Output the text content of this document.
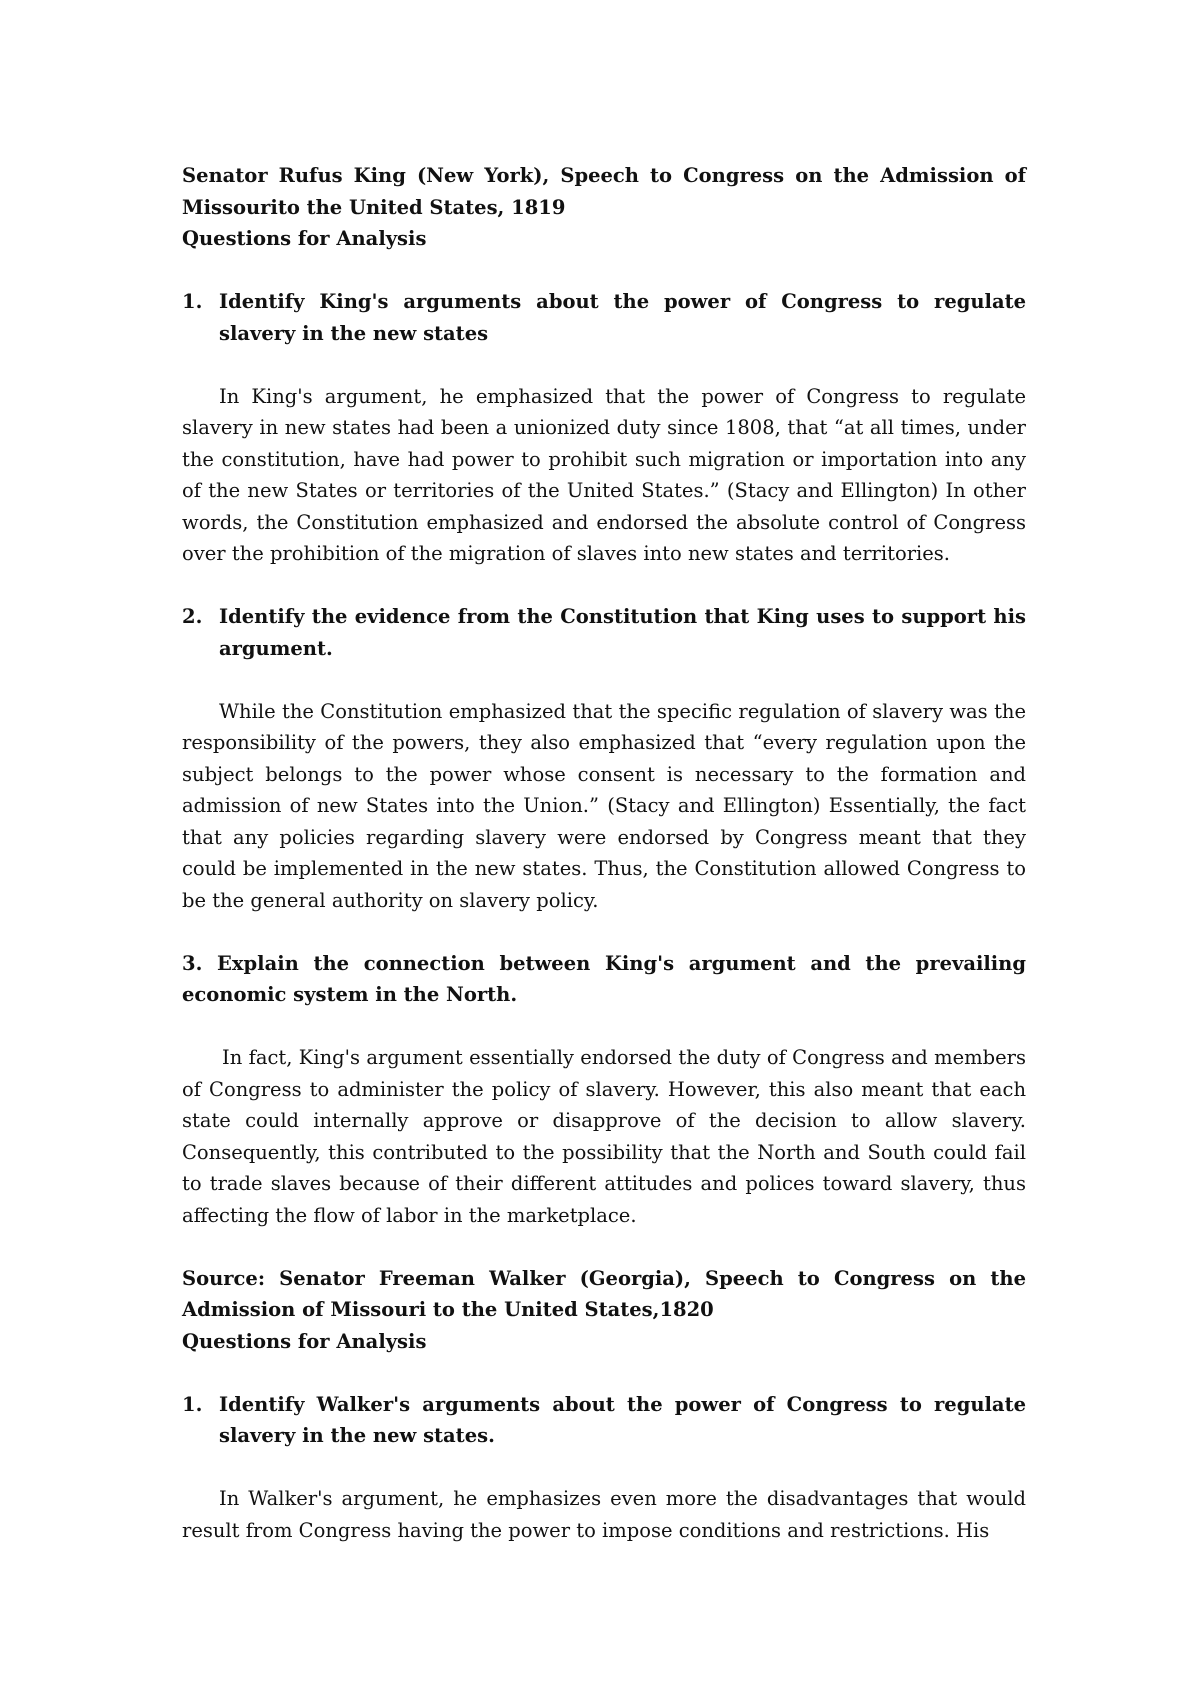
Senator Rufus King (New York), Speech to Congress on the Admission of Missourito the United States, 1819

Questions for Analysis

1. Identify King's arguments about the power of Congress to regulate slavery in the new states

In King's argument, he emphasized that the power of Congress to regulate slavery in new states had been a unionized duty since 1808, that “at all times, under the constitution, have had power to prohibit such migration or importation into any of the new States or territories of the United States.” (Stacy and Ellington) In other words, the Constitution emphasized and endorsed the absolute control of Congress over the prohibition of the migration of slaves into new states and territories.

2. Identify the evidence from the Constitution that King uses to support his argument.

While the Constitution emphasized that the specific regulation of slavery was the responsibility of the powers, they also emphasized that “every regulation upon the subject belongs to the power whose consent is necessary to the formation and admission of new States into the Union.” (Stacy and Ellington) Essentially, the fact that any policies regarding slavery were endorsed by Congress meant that they could be implemented in the new states. Thus, the Constitution allowed Congress to be the general authority on slavery policy.

3. Explain the connection between King's argument and the prevailing economic system in the North.

In fact, King's argument essentially endorsed the duty of Congress and members of Congress to administer the policy of slavery. However, this also meant that each state could internally approve or disapprove of the decision to allow slavery. Consequently, this contributed to the possibility that the North and South could fail to trade slaves because of their different attitudes and polices toward slavery, thus affecting the flow of labor in the marketplace.

Source: Senator Freeman Walker (Georgia), Speech to Congress on the Admission of Missouri to the United States,1820

Questions for Analysis

1. Identify Walker's arguments about the power of Congress to regulate slavery in the new states.

In Walker's argument, he emphasizes even more the disadvantages that would result from Congress having the power to impose conditions and restrictions. His
